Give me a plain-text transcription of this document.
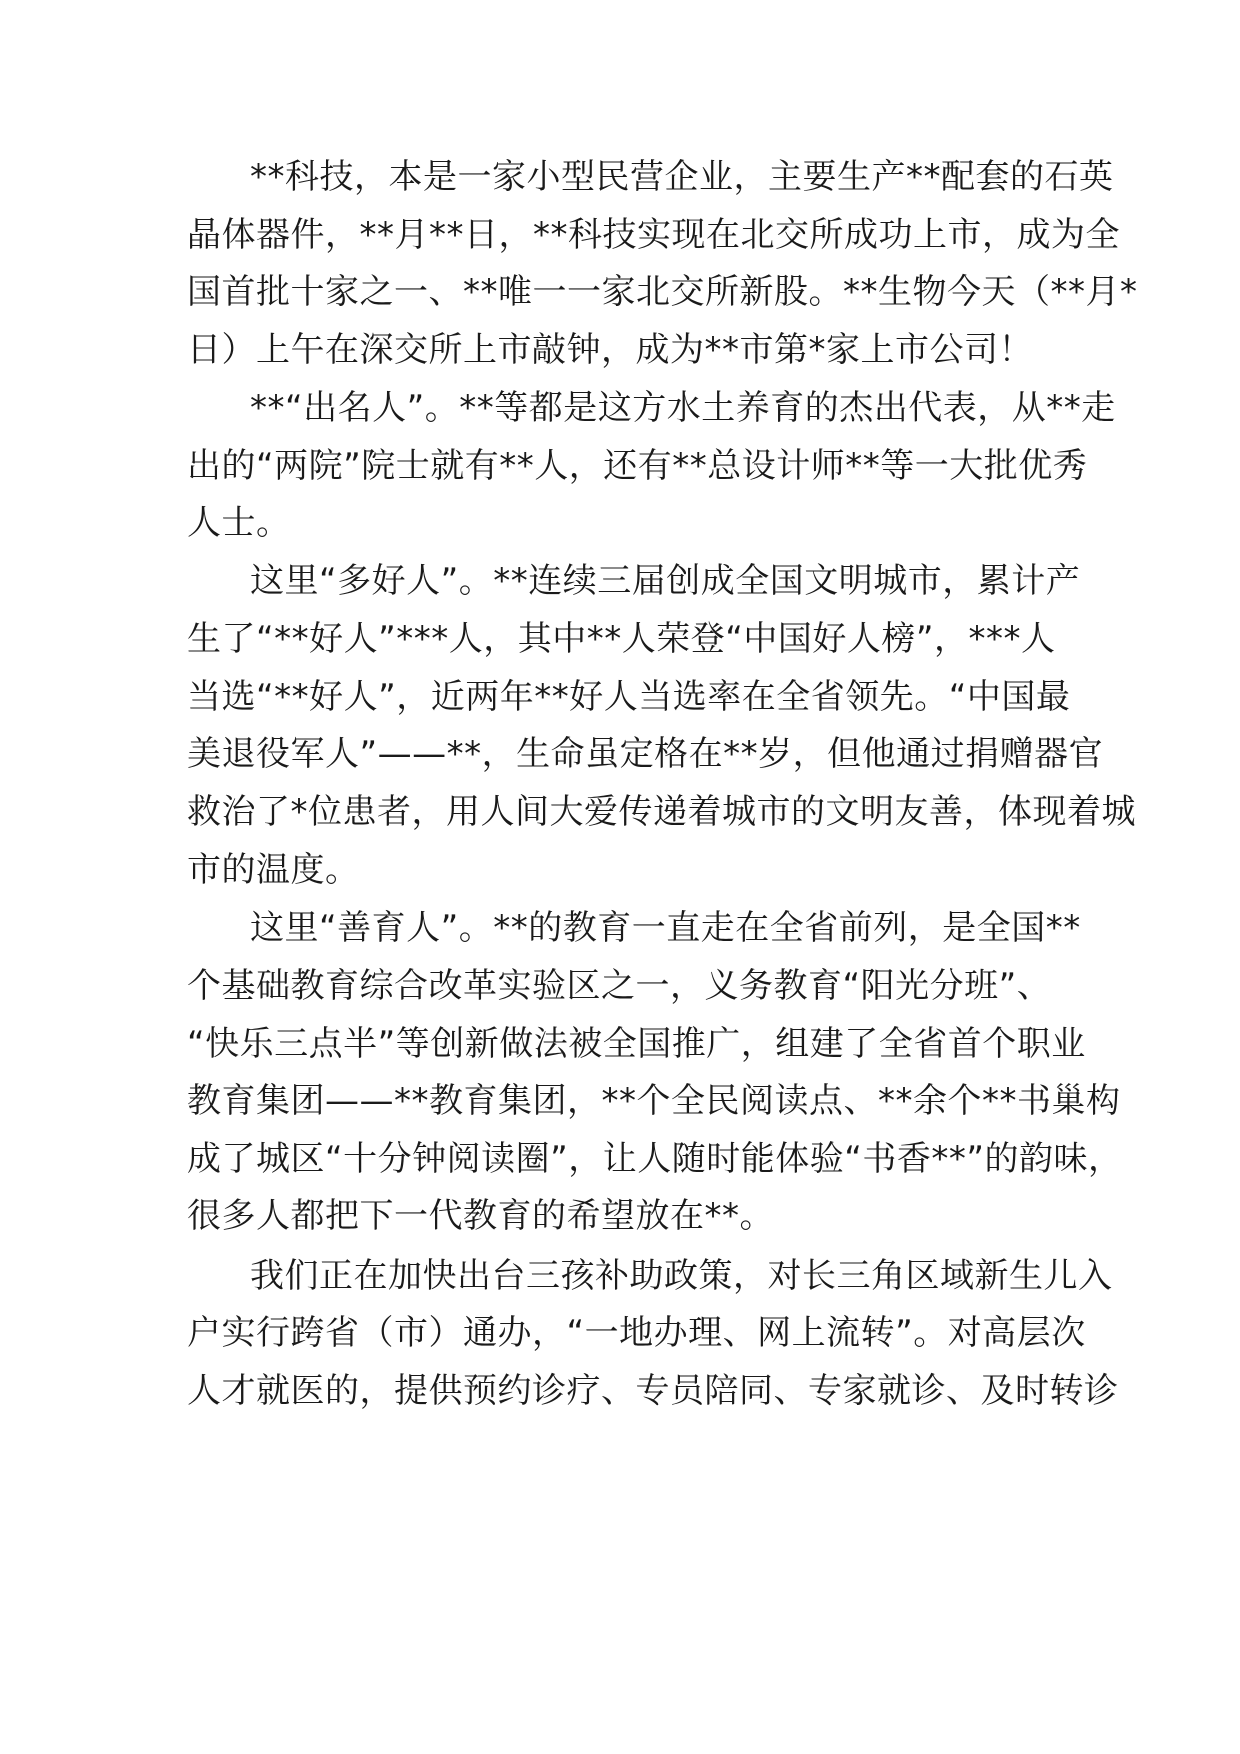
**科技，本是一家小型民营企业，主要生产**配套的石英
晶体器件，**月**日，**科技实现在北交所成功上市，成为全
国首批十家之一、**唯一一家北交所新股。**生物今天（**月*
日）上午在深交所上市敲钟，成为**市第*家上市公司！
**“出名人”。**等都是这方水土养育的杰出代表，从**走
出的“两院”院士就有**人，还有**总设计师**等一大批优秀
人士。
这里“多好人”。**连续三届创成全国文明城市，累计产
生了“**好人”***人，其中**人荣登“中国好人榜”，***人
当选“**好人”，近两年**好人当选率在全省领先。“中国最
美退役军人”——**，生命虽定格在**岁，但他通过捐赠器官
救治了*位患者，用人间大爱传递着城市的文明友善，体现着城
市的温度。
这里“善育人”。**的教育一直走在全省前列，是全国**
个基础教育综合改革实验区之一，义务教育“阳光分班”、
“快乐三点半”等创新做法被全国推广，组建了全省首个职业
教育集团——**教育集团，**个全民阅读点、**余个**书巢构
成了城区“十分钟阅读圈”，让人随时能体验“书香**”的韵味，
很多人都把下一代教育的希望放在**。
我们正在加快出台三孩补助政策，对长三角区域新生儿入
户实行跨省（市）通办，“一地办理、网上流转”。对高层次
人才就医的，提供预约诊疗、专员陪同、专家就诊、及时转诊
